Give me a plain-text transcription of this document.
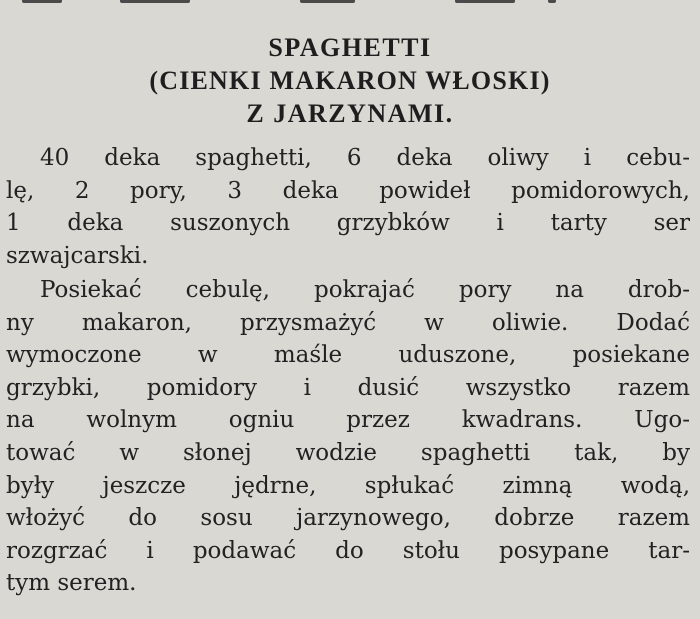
SPAGHETTI
(CIENKI MAKARON WŁOSKI)
Z JARZYNAMI.
40 deka spaghetti, 6 deka oliwy i cebu-
lę, 2 pory, 3 deka powideł pomidorowych,
1 deka suszonych grzybków i tarty ser
szwajcarski.
Posiekać cebulę, pokrajać pory na drob-
ny makaron, przysmażyć w oliwie. Dodać
wymoczone w maśle uduszone, posiekane
grzybki, pomidory i dusić wszystko razem
na wolnym ogniu przez kwadrans. Ugo-
tować w słonej wodzie spaghetti tak, by
były jeszcze jędrne, spłukać zimną wodą,
włożyć do sosu jarzynowego, dobrze razem
rozgrzać i podawać do stołu posypane tar-
tym serem.
